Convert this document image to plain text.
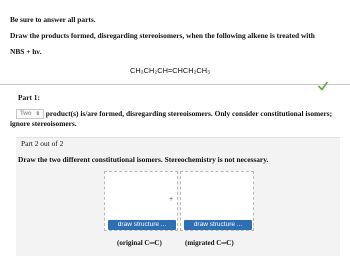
Be sure to answer all parts.
Draw the products formed, disregarding stereoisomers, when the following alkene is treated with
NBS + hν.
CH₃CH₂CH=CHCH₂CH₃
Part 1:
Two ⇕ product(s) is/are formed, disregarding stereoisomers. Only consider constitutional isomers;
ignore stereoisomers.
Part 2 out of 2
Draw the two different constitutional isomers. Stereochemistry is not necessary.
+
draw structure ...	draw structure ...
(original C═C)	(migrated C═C)
